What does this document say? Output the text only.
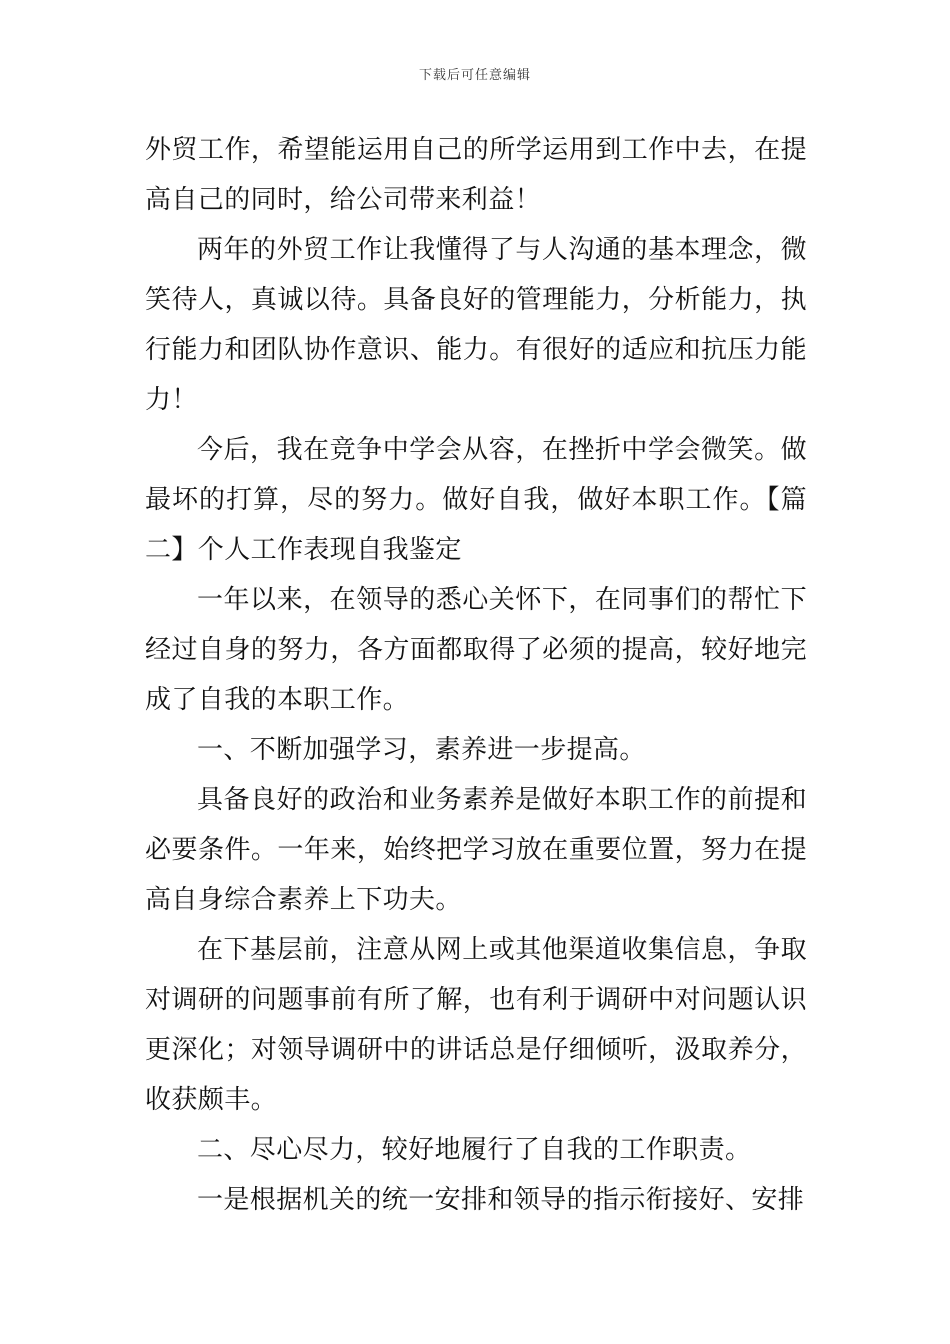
下载后可任意编辑

外贸工作，希望能运用自己的所学运用到工作中去，在提高自己的同时，给公司带来利益！

两年的外贸工作让我懂得了与人沟通的基本理念，微笑待人，真诚以待。具备良好的管理能力，分析能力，执行能力和团队协作意识、能力。有很好的适应和抗压力能力！

今后，我在竞争中学会从容，在挫折中学会微笑。做最坏的打算，尽的努力。做好自我，做好本职工作。【篇二】个人工作表现自我鉴定

一年以来，在领导的悉心关怀下，在同事们的帮忙下经过自身的努力，各方面都取得了必须的提高，较好地完成了自我的本职工作。

一、不断加强学习，素养进一步提高。

具备良好的政治和业务素养是做好本职工作的前提和必要条件。一年来，始终把学习放在重要位置，努力在提高自身综合素养上下功夫。

在下基层前，注意从网上或其他渠道收集信息，争取对调研的问题事前有所了解，也有利于调研中对问题认识更深化；对领导调研中的讲话总是仔细倾听，汲取养分，收获颇丰。

二、尽心尽力，较好地履行了自我的工作职责。

一是根据机关的统一安排和领导的指示衔接好、安排
